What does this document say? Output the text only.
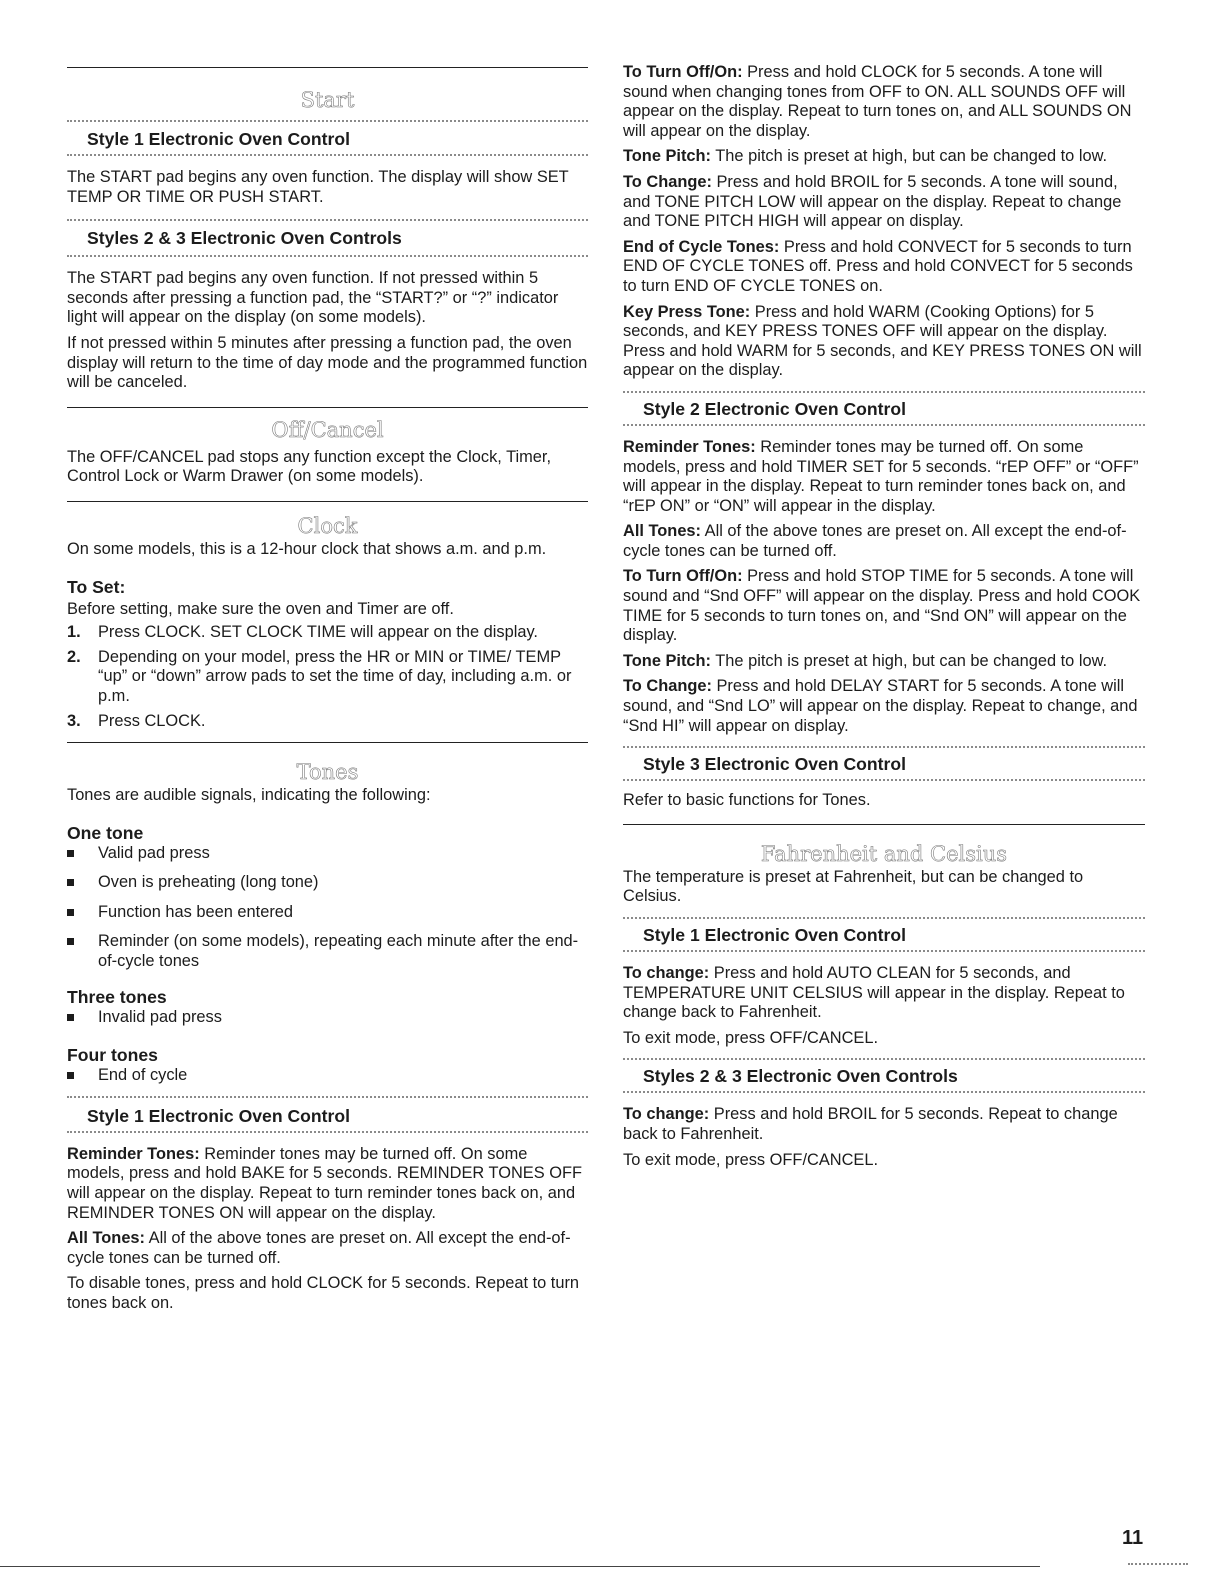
Start
Style 1 Electronic Oven Control

The START pad begins any oven function. The display will show SET TEMP OR TIME OR PUSH START.

Styles 2 & 3 Electronic Oven Controls

The START pad begins any oven function. If not pressed within 5 seconds after pressing a function pad, the “START?” or “?” indicator light will appear on the display (on some models).

If not pressed within 5 minutes after pressing a function pad, the oven display will return to the time of day mode and the programmed function will be canceled.

Off/Cancel

The OFF/CANCEL pad stops any function except the Clock, Timer, Control Lock or Warm Drawer (on some models).

Clock

On some models, this is a 12-hour clock that shows a.m. and p.m.

To Set:

Before setting, make sure the oven and Timer are off.

1. Press CLOCK. SET CLOCK TIME will appear on the display.
2. Depending on your model, press the HR or MIN or TIME/ TEMP “up” or “down” arrow pads to set the time of day, including a.m. or p.m.
3. Press CLOCK.
Tones

Tones are audible signals, indicating the following:

One tone
Valid pad press
Oven is preheating (long tone)
Function has been entered
Reminder (on some models), repeating each minute after the end-of-cycle tones
Three tones
Invalid pad press
Four tones
End of cycle
Style 1 Electronic Oven Control

Reminder Tones: Reminder tones may be turned off. On some models, press and hold BAKE for 5 seconds. REMINDER TONES OFF will appear on the display. Repeat to turn reminder tones back on, and REMINDER TONES ON will appear on the display.

All Tones: All of the above tones are preset on. All except the end-of-cycle tones can be turned off.

To disable tones, press and hold CLOCK for 5 seconds. Repeat to turn tones back on.

To Turn Off/On: Press and hold CLOCK for 5 seconds. A tone will sound when changing tones from OFF to ON. ALL SOUNDS OFF will appear on the display. Repeat to turn tones on, and ALL SOUNDS ON will appear on the display.

Tone Pitch: The pitch is preset at high, but can be changed to low.

To Change: Press and hold BROIL for 5 seconds. A tone will sound, and TONE PITCH LOW will appear on the display. Repeat to change and TONE PITCH HIGH will appear on display.

End of Cycle Tones: Press and hold CONVECT for 5 seconds to turn END OF CYCLE TONES off. Press and hold CONVECT for 5 seconds to turn END OF CYCLE TONES on.

Key Press Tone: Press and hold WARM (Cooking Options) for 5 seconds, and KEY PRESS TONES OFF will appear on the display. Press and hold WARM for 5 seconds, and KEY PRESS TONES ON will appear on the display.

Style 2 Electronic Oven Control

Reminder Tones: Reminder tones may be turned off. On some models, press and hold TIMER SET for 5 seconds. “rEP OFF” or “OFF” will appear in the display. Repeat to turn reminder tones back on, and “rEP ON” or “ON” will appear in the display.

All Tones: All of the above tones are preset on. All except the end-of-cycle tones can be turned off.

To Turn Off/On: Press and hold STOP TIME for 5 seconds. A tone will sound and “Snd OFF” will appear on the display. Press and hold COOK TIME for 5 seconds to turn tones on, and “Snd ON” will appear on the display.

Tone Pitch: The pitch is preset at high, but can be changed to low.

To Change: Press and hold DELAY START for 5 seconds. A tone will sound, and “Snd LO” will appear on the display. Repeat to change, and “Snd HI” will appear on display.

Style 3 Electronic Oven Control

Refer to basic functions for Tones.

Fahrenheit and Celsius

The temperature is preset at Fahrenheit, but can be changed to Celsius.

Style 1 Electronic Oven Control

To change: Press and hold AUTO CLEAN for 5 seconds, and TEMPERATURE UNIT CELSIUS will appear in the display. Repeat to change back to Fahrenheit.

To exit mode, press OFF/CANCEL.

Styles 2 & 3 Electronic Oven Controls

To change: Press and hold BROIL for 5 seconds. Repeat to change back to Fahrenheit.

To exit mode, press OFF/CANCEL.

11
